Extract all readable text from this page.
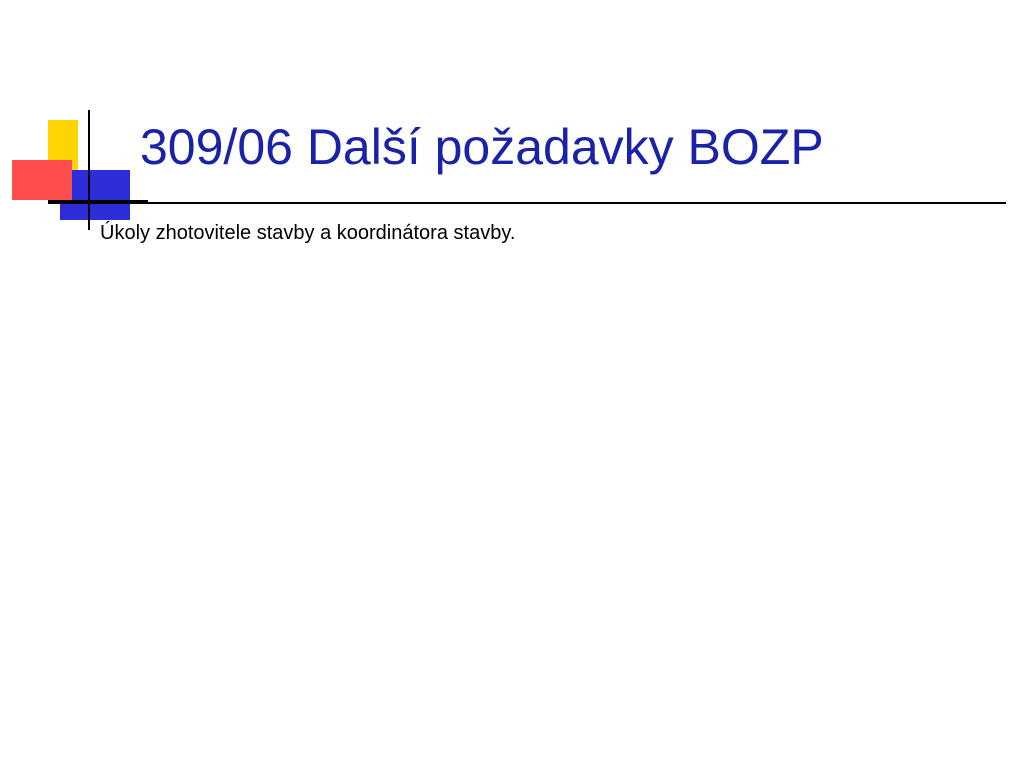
309/06 Další požadavky BOZP
Úkoly zhotovitele stavby a koordinátora stavby.
